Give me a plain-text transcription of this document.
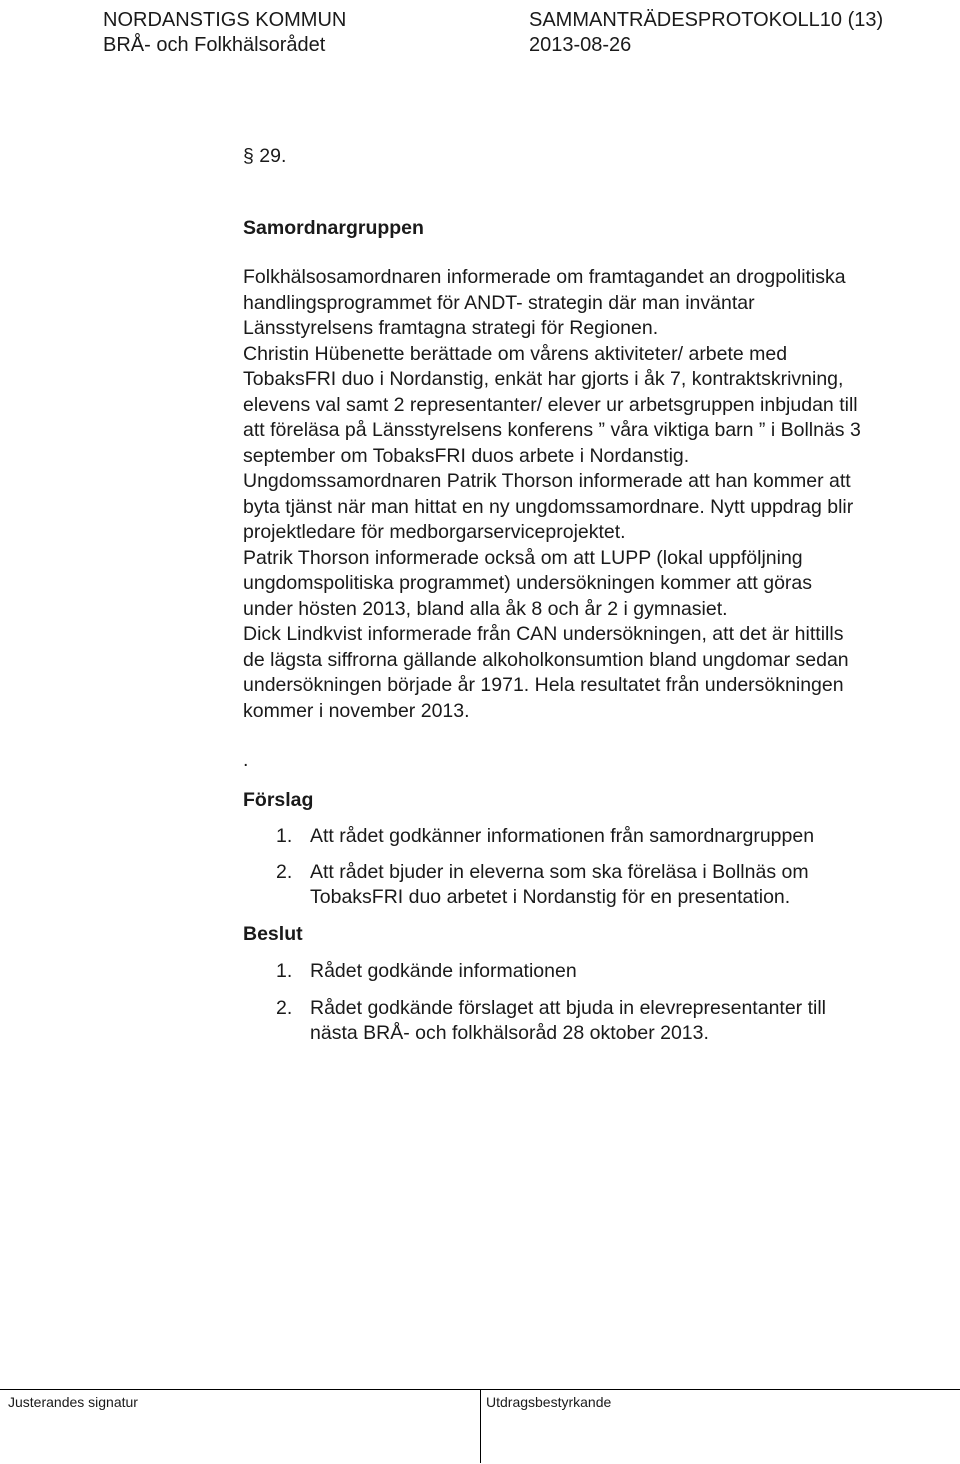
NORDANSTIGS KOMMUN	SAMMANTRÄDESPROTOKOLL10 (13)
BRÅ- och Folkhälsorådet	2013-08-26
§ 29.
Samordnargruppen
Folkhälsosamordnaren informerade om framtagandet an drogpolitiska
handlingsprogrammet för ANDT- strategin där man inväntar
Länsstyrelsens framtagna strategi för Regionen.
Christin Hübenette berättade om vårens aktiviteter/ arbete med
TobaksFRI duo i Nordanstig, enkät har gjorts i åk 7, kontraktskrivning,
elevens val samt 2 representanter/ elever ur arbetsgruppen inbjudan till
att föreläsa på Länsstyrelsens konferens ” våra viktiga barn ” i Bollnäs 3
september om TobaksFRI duos arbete i Nordanstig.
Ungdomssamordnaren Patrik Thorson informerade att han kommer att
byta tjänst när man hittat en ny ungdomssamordnare. Nytt uppdrag blir
projektledare för medborgarserviceprojektet.
Patrik Thorson informerade också om att LUPP (lokal uppföljning
ungdomspolitiska programmet) undersökningen kommer att göras
under hösten 2013, bland alla åk 8 och år 2 i gymnasiet.
Dick Lindkvist informerade från CAN undersökningen, att det är hittills
de lägsta siffrorna gällande alkoholkonsumtion bland ungdomar sedan
undersökningen började år 1971. Hela resultatet från undersökningen
kommer i november 2013.
.
Förslag
1. Att rådet godkänner informationen från samordnargruppen
2. Att rådet bjuder in eleverna som ska föreläsa i Bollnäs om
TobaksFRI duo arbetet i Nordanstig för en presentation.
Beslut
1. Rådet godkände informationen
2. Rådet godkände förslaget att bjuda in elevrepresentanter till
nästa BRÅ- och folkhälsoråd 28 oktober 2013.
Justerandes signatur	Utdragsbestyrkande
